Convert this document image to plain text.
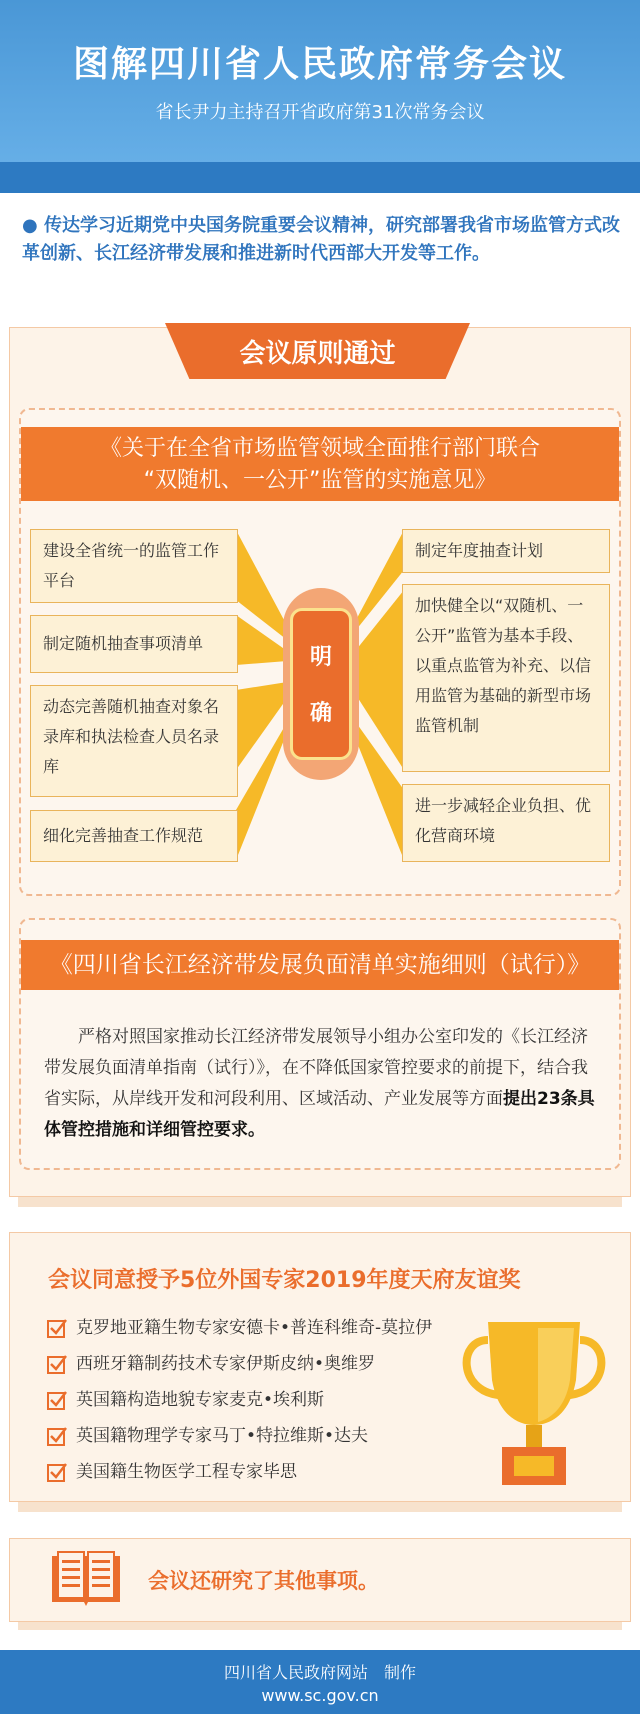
图解四川省人民政府常务会议
省长尹力主持召开省政府第31次常务会议
● 传达学习近期党中央国务院重要会议精神，研究部署我省市场监管方式改革创新、长江经济带发展和推进新时代西部大开发等工作。
会议原则通过
《关于在全省市场监管领域全面推行部门联合
“双随机、一公开”监管的实施意见》
明
确
建设全省统一的监管工作平台
制定随机抽查事项清单
动态完善随机抽查对象名录库和执法检查人员名录库
细化完善抽查工作规范
制定年度抽查计划
加快健全以“双随机、一公开”监管为基本手段、以重点监管为补充、以信用监管为基础的新型市场监管机制
进一步减轻企业负担、优化营商环境
《四川省长江经济带发展负面清单实施细则（试行）》
严格对照国家推动长江经济带发展领导小组办公室印发的《长江经济带发展负面清单指南（试行）》，在不降低国家管控要求的前提下，结合我省实际，从岸线开发和河段利用、区域活动、产业发展等方面提出23条具体管控措施和详细管控要求。
会议同意授予5位外国专家2019年度天府友谊奖
克罗地亚籍生物专家安德卡•普连科维奇-莫拉伊
西班牙籍制药技术专家伊斯皮纳•奥维罗
英国籍构造地貌专家麦克•埃利斯
英国籍物理学专家马丁•特拉维斯•达夫
美国籍生物医学工程专家毕思
会议还研究了其他事项。
四川省人民政府网站　制作
www.sc.gov.cn
